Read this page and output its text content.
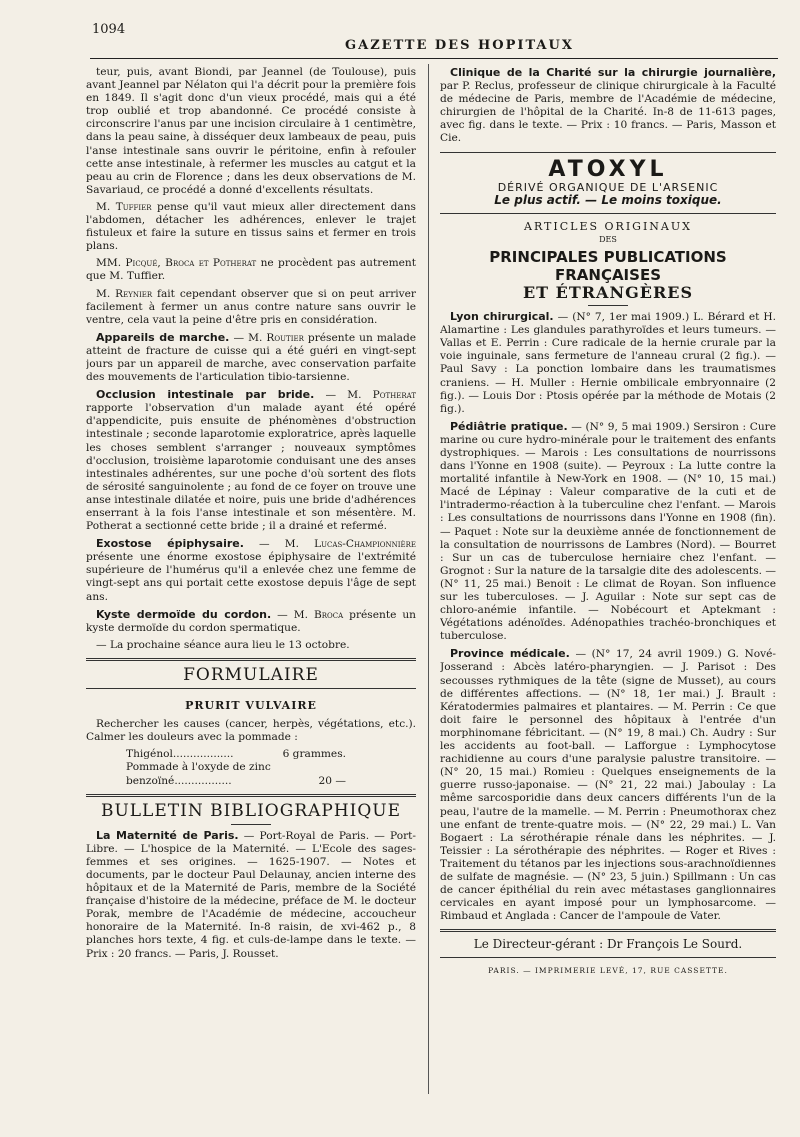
1094
GAZETTE DES HOPITAUX

teur, puis, avant Biondi, par Jeannel (de Toulouse), puis avant Jeannel par Nélaton qui l'a décrit pour la première fois en 1849. Il s'agit donc d'un vieux procédé, mais qui a été trop oublié et trop abandonné. Ce procédé consiste à circonscrire l'anus par une incision circulaire à 1 centimètre, dans la peau saine, à disséquer deux lambeaux de peau, puis l'anse intestinale sans ouvrir le péritoine, enfin à refouler cette anse intestinale, à refermer les muscles au catgut et la peau au crin de Florence ; dans les deux observations de M. Savariaud, ce procédé a donné d'excellents résultats.

M. Tuffier pense qu'il vaut mieux aller directement dans l'abdomen, détacher les adhérences, enlever le trajet fistuleux et faire la suture en tissus sains et fermer en trois plans.

MM. Picqué, Broca et Potherat ne procèdent pas autrement que M. Tuffier.

M. Reynier fait cependant observer que si on peut arriver facilement à fermer un anus contre nature sans ouvrir le ventre, cela vaut la peine d'être pris en considération.

Appareils de marche. — M. Routier présente un malade atteint de fracture de cuisse qui a été guéri en vingt-sept jours par un appareil de marche, avec conservation parfaite des mouvements de l'articulation tibio-tarsienne.

Occlusion intestinale par bride. — M. Potherat rapporte l'observation d'un malade ayant été opéré d'appendicite, puis ensuite de phénomènes d'obstruction intestinale ; seconde laparotomie exploratrice, après laquelle les choses semblent s'arranger ; nouveaux symptômes d'occlusion, troisième laparotomie conduisant une des anses intestinales adhérentes, sur une poche d'où sortent des flots de sérosité sanguinolente ; au fond de ce foyer on trouve une anse intestinale dilatée et noire, puis une bride d'adhérences enserrant à la fois l'anse intestinale et son mésentère. M. Potherat a sectionné cette bride ; il a drainé et refermé.

Exostose épiphysaire. — M. Lucas-Championnière présente une énorme exostose épiphysaire de l'extrémité supérieure de l'humérus qu'il a enlevée chez une femme de vingt-sept ans qui portait cette exostose depuis l'âge de sept ans.

Kyste dermoïde du cordon. — M. Broca présente un kyste dermoïde du cordon spermatique.

— La prochaine séance aura lieu le 13 octobre.

FORMULAIRE
PRURIT VULVAIRE

Rechercher les causes (cancer, herpès, végétations, etc.). Calmer les douleurs avec la pommade :

Thigénol..................	6 grammes.
Pommade à l'oxyde de zinc
benzoïné.................	20 —
BULLETIN BIBLIOGRAPHIQUE

La Maternité de Paris. — Port-Royal de Paris. — Port-Libre. — L'hospice de la Maternité. — L'Ecole des sages-femmes et ses origines. — 1625-1907. — Notes et documents, par le docteur Paul Delaunay, ancien interne des hôpitaux et de la Maternité de Paris, membre de la Société française d'histoire de la médecine, préface de M. le docteur Porak, membre de l'Académie de médecine, accoucheur honoraire de la Maternité. In-8 raisin, de xvi-462 p., 8 planches hors texte, 4 fig. et culs-de-lampe dans le texte. — Prix : 20 francs. — Paris, J. Rousset.

Clinique de la Charité sur la chirurgie journalière, par P. Reclus, professeur de clinique chirurgicale à la Faculté de médecine de Paris, membre de l'Académie de médecine, chirurgien de l'hôpital de la Charité. In-8 de 11-613 pages, avec fig. dans le texte. — Prix : 10 francs. — Paris, Masson et Cie.

ATOXYL
DÉRIVÉ ORGANIQUE DE L'ARSENIC
Le plus actif. — Le moins toxique.
ARTICLES ORIGINAUX
DES
PRINCIPALES PUBLICATIONS FRANÇAISES
ET ÉTRANGÈRES

Lyon chirurgical. — (N° 7, 1er mai 1909.) L. Bérard et H. Alamartine : Les glandules parathyroïdes et leurs tumeurs. — Vallas et E. Perrin : Cure radicale de la hernie crurale par la voie inguinale, sans fermeture de l'anneau crural (2 fig.). — Paul Savy : La ponction lombaire dans les traumatismes craniens. — H. Muller : Hernie ombilicale embryonnaire (2 fig.). — Louis Dor : Ptosis opérée par la méthode de Motais (2 fig.).

Pédiâtrie pratique. — (N° 9, 5 mai 1909.) Sersiron : Cure marine ou cure hydro-minérale pour le traitement des enfants dystrophiques. — Marois : Les consultations de nourrissons dans l'Yonne en 1908 (suite). — Peyroux : La lutte contre la mortalité infantile à New-York en 1908. — (N° 10, 15 mai.) Macé de Lépinay : Valeur comparative de la cuti et de l'intradermo-réaction à la tuberculine chez l'enfant. — Marois : Les consultations de nourrissons dans l'Yonne en 1908 (fin). — Paquet : Note sur la deuxième année de fonctionnement de la consultation de nourrissons de Lambres (Nord). — Bourret : Sur un cas de tuberculose herniaire chez l'enfant. — Grognot : Sur la nature de la tarsalgie dite des adolescents. — (N° 11, 25 mai.) Benoit : Le climat de Royan. Son influence sur les tuberculoses. — J. Aguilar : Note sur sept cas de chloro-anémie infantile. — Nobécourt et Aptekmant : Végétations adénoïdes. Adénopathies trachéo-bronchiques et tuberculose.

Province médicale. — (N° 17, 24 avril 1909.) G. Nové-Josserand : Abcès latéro-pharyngien. — J. Parisot : Des secousses rythmiques de la tête (signe de Musset), au cours de différentes affections. — (N° 18, 1er mai.) J. Brault : Kératodermies palmaires et plantaires. — M. Perrin : Ce que doit faire le personnel des hôpitaux à l'entrée d'un morphinomane fébricitant. — (N° 19, 8 mai.) Ch. Audry : Sur les accidents au foot-ball. — Lafforgue : Lymphocytose rachidienne au cours d'une paralysie palustre transitoire. — (N° 20, 15 mai.) Romieu : Quelques enseignements de la guerre russo-japonaise. — (N° 21, 22 mai.) Jaboulay : La même sarcosporidie dans deux cancers différents l'un de la peau, l'autre de la mamelle. — M. Perrin : Pneumothorax chez une enfant de trente-quatre mois. — (N° 22, 29 mai.) L. Van Bogaert : La sérothérapie rénale dans les néphrites. — J. Teissier : La sérothérapie des néphrites. — Roger et Rives : Traitement du tétanos par les injections sous-arachnoïdiennes de sulfate de magnésie. — (N° 23, 5 juin.) Spillmann : Un cas de cancer épithélial du rein avec métastases ganglionnaires cervicales en ayant imposé pour un lymphosarcome. — Rimbaud et Anglada : Cancer de l'ampoule de Vater.

Le Directeur-gérant : Dr François Le Sourd.
PARIS. — IMPRIMERIE LEVÉ, 17, RUE CASSETTE.
